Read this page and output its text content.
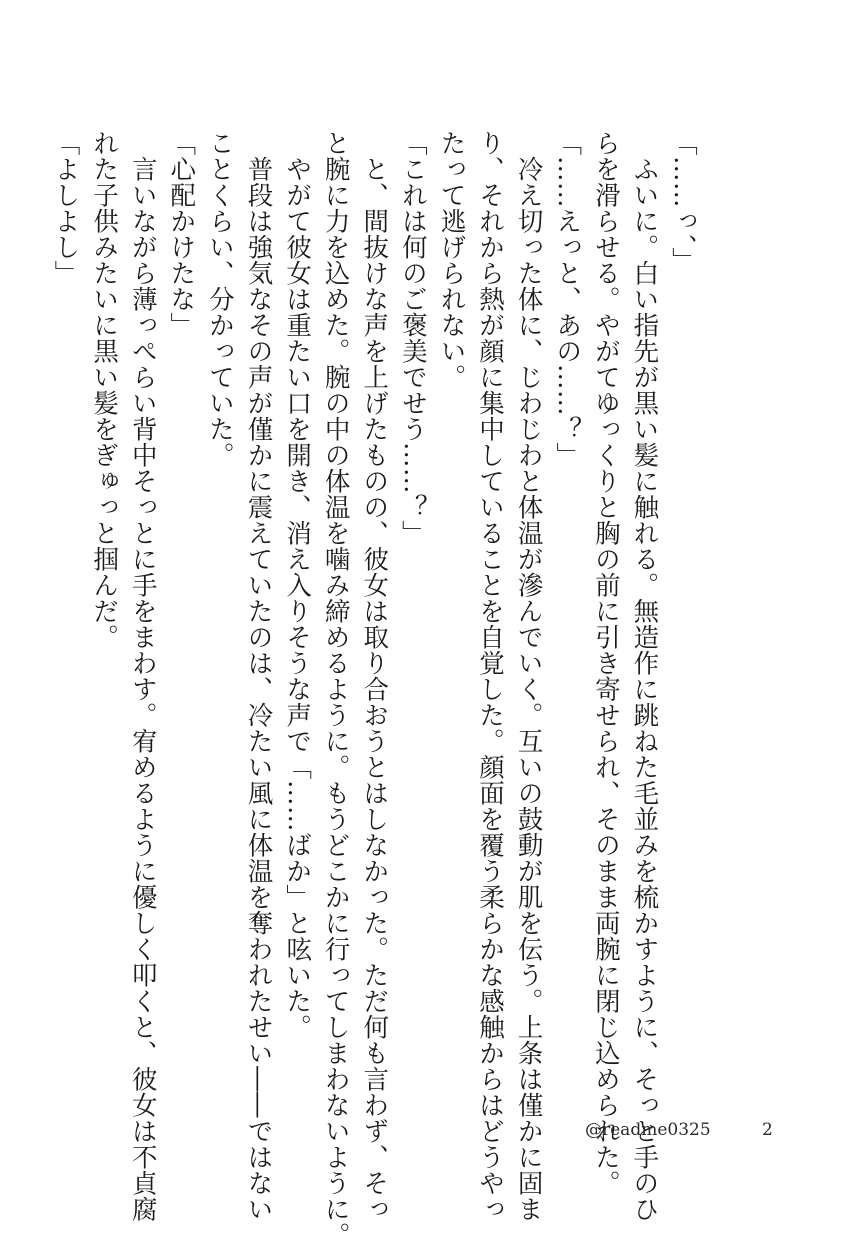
「……っ、」
　ふいに。白い指先が黒い髪に触れる。無造作に跳ねた毛並みを梳かすように、そっと手のひ
らを滑らせる。やがてゆっくりと胸の前に引き寄せられ、そのまま両腕に閉じ込められた。
「……えっと、あの……？」
　冷え切った体に、じわじわと体温が滲んでいく。互いの鼓動が肌を伝う。上条は僅かに固ま
り、それから熱が顔に集中していることを自覚した。顔面を覆う柔らかな感触からはどうやっ
たって逃げられない。
「これは何のご褒美でせう……？」
　と、間抜けな声を上げたものの、彼女は取り合おうとはしなかった。ただ何も言わず、そっ
と腕に力を込めた。腕の中の体温を噛み締めるように。もうどこかに行ってしまわないように。
　やがて彼女は重たい口を開き、消え入りそうな声で「……ばか」と呟いた。
　普段は強気なその声が僅かに震えていたのは、冷たい風に体温を奪われたせい――ではない
ことくらい、分かっていた。
「心配かけたな」
　言いながら薄っぺらい背中そっとに手をまわす。宥めるように優しく叩くと、彼女は不貞腐
れた子供みたいに黒い髪をぎゅっと掴んだ。
「よしよし」
@readme0325	2
